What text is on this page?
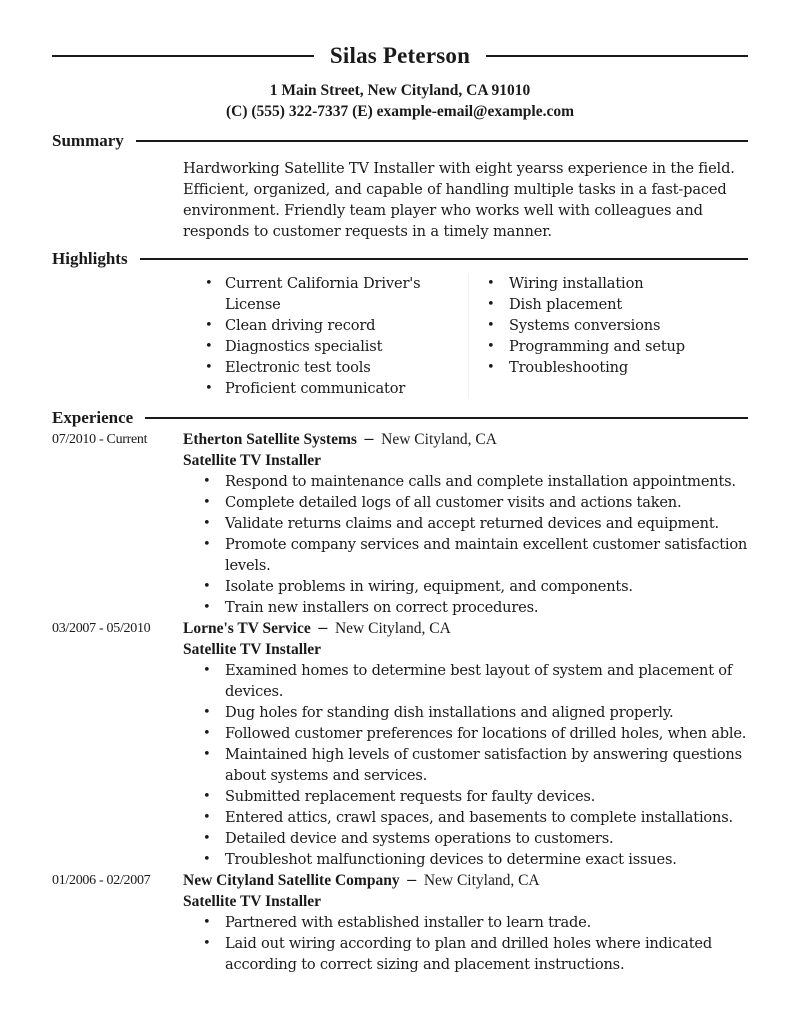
Silas Peterson
1 Main Street, New Cityland, CA 91010
(C) (555) 322-7337 (E) example-email@example.com
Summary

Hardworking Satellite TV Installer with eight yearss experience in the field.

Efficient, organized, and capable of handling multiple tasks in a fast-paced

environment. Friendly team player who works well with colleagues and

responds to customer requests in a timely manner.

Highlights
• Current California Driver's License
• Clean driving record
• Diagnostics specialist
• Electronic test tools
• Proficient communicator
• Wiring installation
• Dish placement
• Systems conversions
• Programming and setup
• Troubleshooting
Experience
07/2010 - Current	Etherton Satellite Systems − New Cityland, CA
Satellite TV Installer
• Respond to maintenance calls and complete installation appointments.
• Complete detailed logs of all customer visits and actions taken.
• Validate returns claims and accept returned devices and equipment.
• Promote company services and maintain excellent customer satisfaction levels.
• Isolate problems in wiring, equipment, and components.
• Train new installers on correct procedures.
03/2007 - 05/2010	Lorne's TV Service − New Cityland, CA
Satellite TV Installer
• Examined homes to determine best layout of system and placement of devices.
• Dug holes for standing dish installations and aligned properly.
• Followed customer preferences for locations of drilled holes, when able.
• Maintained high levels of customer satisfaction by answering questions about systems and services.
• Submitted replacement requests for faulty devices.
• Entered attics, crawl spaces, and basements to complete installations.
• Detailed device and systems operations to customers.
• Troubleshot malfunctioning devices to determine exact issues.
01/2006 - 02/2007	New Cityland Satellite Company − New Cityland, CA
Satellite TV Installer
• Partnered with established installer to learn trade.
• Laid out wiring according to plan and drilled holes where indicated according to correct sizing and placement instructions.
